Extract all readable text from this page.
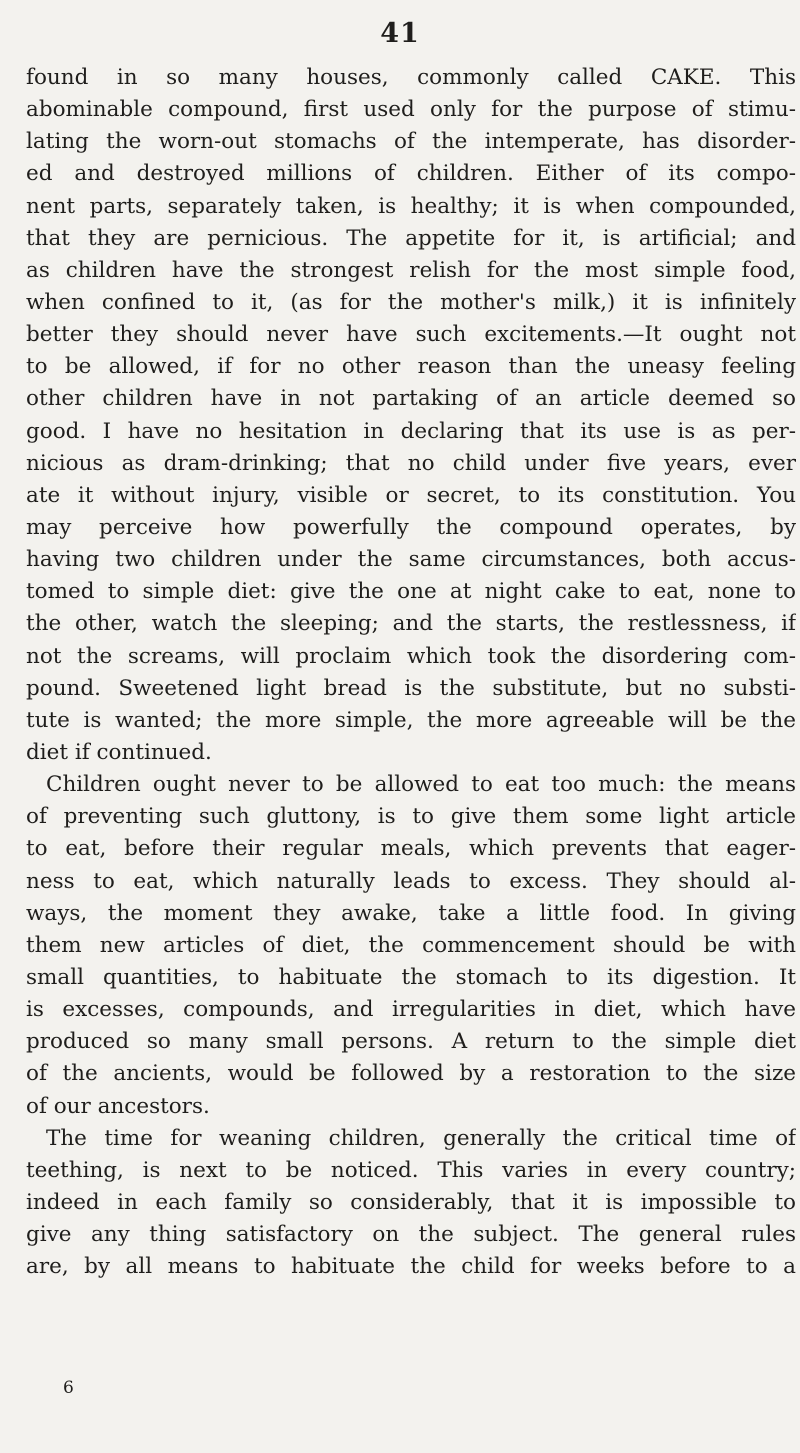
41
found in so many houses, commonly called CAKE. This
abominable compound, first used only for the purpose of stimu-
lating the worn-out stomachs of the intemperate, has disorder-
ed and destroyed millions of children. Either of its compo-
nent parts, separately taken, is healthy; it is when compounded,
that they are pernicious. The appetite for it, is artificial; and
as children have the strongest relish for the most simple food,
when confined to it, (as for the mother's milk,) it is infinitely
better they should never have such excitements.—It ought not
to be allowed, if for no other reason than the uneasy feeling
other children have in not partaking of an article deemed so
good. I have no hesitation in declaring that its use is as per-
nicious as dram-drinking; that no child under five years, ever
ate it without injury, visible or secret, to its constitution. You
may perceive how powerfully the compound operates, by
having two children under the same circumstances, both accus-
tomed to simple diet: give the one at night cake to eat, none to
the other, watch the sleeping; and the starts, the restlessness, if
not the screams, will proclaim which took the disordering com-
pound. Sweetened light bread is the substitute, but no substi-
tute is wanted; the more simple, the more agreeable will be the
diet if continued.
Children ought never to be allowed to eat too much: the means
of preventing such gluttony, is to give them some light article
to eat, before their regular meals, which prevents that eager-
ness to eat, which naturally leads to excess. They should al-
ways, the moment they awake, take a little food. In giving
them new articles of diet, the commencement should be with
small quantities, to habituate the stomach to its digestion. It
is excesses, compounds, and irregularities in diet, which have
produced so many small persons. A return to the simple diet
of the ancients, would be followed by a restoration to the size
of our ancestors.
The time for weaning children, generally the critical time of
teething, is next to be noticed. This varies in every country;
indeed in each family so considerably, that it is impossible to
give any thing satisfactory on the subject. The general rules
are, by all means to habituate the child for weeks before to a
6
